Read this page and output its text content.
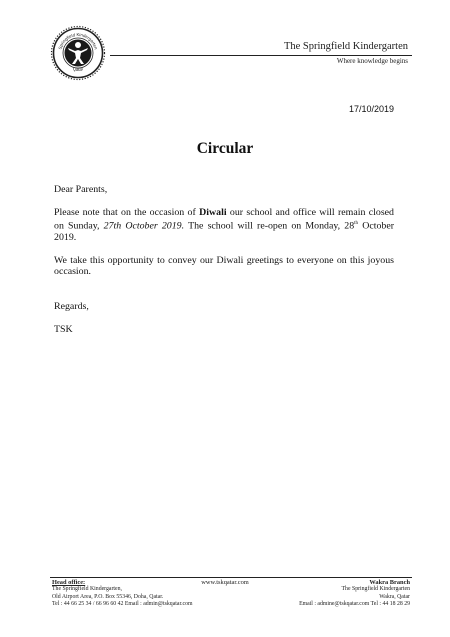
Springfield Kindergarten
Qatar
The Springfield Kindergarten
Where knowledge begins
17/10/2019
Circular

Dear Parents,

Please note that on the occasion of Diwali our school and office will remain closed on Sunday, 27th October 2019. The school will re-open on Monday, 28th October 2019.

We take this opportunity to convey our Diwali greetings to everyone on this joyous occasion.

Regards,

TSK

Head office:
The Springfield Kindergarten,
Old Airport Area, P.O. Box 55346, Doha, Qatar.
Tel : 44 66 25 34 / 66 96 60 42 Email : admin@tskqatar.com
www.tskqatar.com	Wakra Branch
The Springfield Kindergarten
Wakra, Qatar
Email : admine@tskqatar.com Tel : 44 18 28 29
